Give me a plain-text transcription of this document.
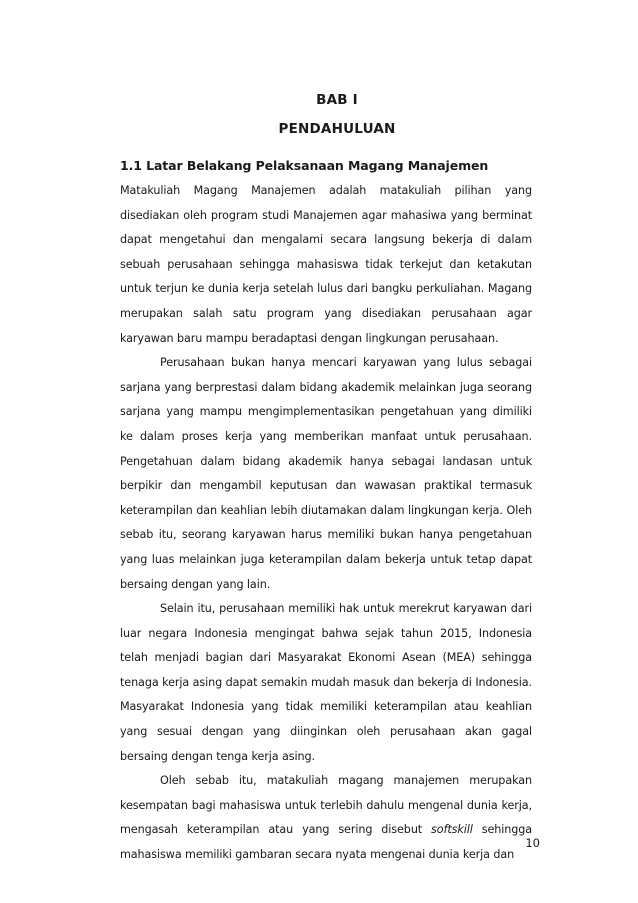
BAB I
PENDAHULUAN
1.1 Latar Belakang Pelaksanaan Magang Manajemen

Matakuliah Magang Manajemen adalah matakuliah pilihan yang disediakan oleh program studi Manajemen agar mahasiwa yang berminat dapat mengetahui dan mengalami secara langsung bekerja di dalam sebuah perusahaan sehingga mahasiswa tidak terkejut dan ketakutan untuk terjun ke dunia kerja setelah lulus dari bangku perkuliahan. Magang merupakan salah satu program yang disediakan perusahaan agar karyawan baru mampu beradaptasi dengan lingkungan perusahaan.

Perusahaan bukan hanya mencari karyawan yang lulus sebagai sarjana yang berprestasi dalam bidang akademik melainkan juga seorang sarjana yang mampu mengimplementasikan pengetahuan yang dimiliki ke dalam proses kerja yang memberikan manfaat untuk perusahaan. Pengetahuan dalam bidang akademik hanya sebagai landasan untuk berpikir dan mengambil keputusan dan wawasan praktikal termasuk keterampilan dan keahlian lebih diutamakan dalam lingkungan kerja. Oleh sebab itu, seorang karyawan harus memiliki bukan hanya pengetahuan yang luas melainkan juga keterampilan dalam bekerja untuk tetap dapat bersaing dengan yang lain.

Selain itu, perusahaan memiliki hak untuk merekrut karyawan dari luar negara Indonesia mengingat bahwa sejak tahun 2015, Indonesia telah menjadi bagian dari Masyarakat Ekonomi Asean (MEA) sehingga tenaga kerja asing dapat semakin mudah masuk dan bekerja di Indonesia. Masyarakat Indonesia yang tidak memiliki keterampilan atau keahlian yang sesuai dengan yang diinginkan oleh perusahaan akan gagal bersaing dengan tenga kerja asing.

Oleh sebab itu, matakuliah magang manajemen merupakan kesempatan bagi mahasiswa untuk terlebih dahulu mengenal dunia kerja, mengasah keterampilan atau yang sering disebut softskill sehingga mahasiswa memiliki gambaran secara nyata mengenai dunia kerja dan

10
